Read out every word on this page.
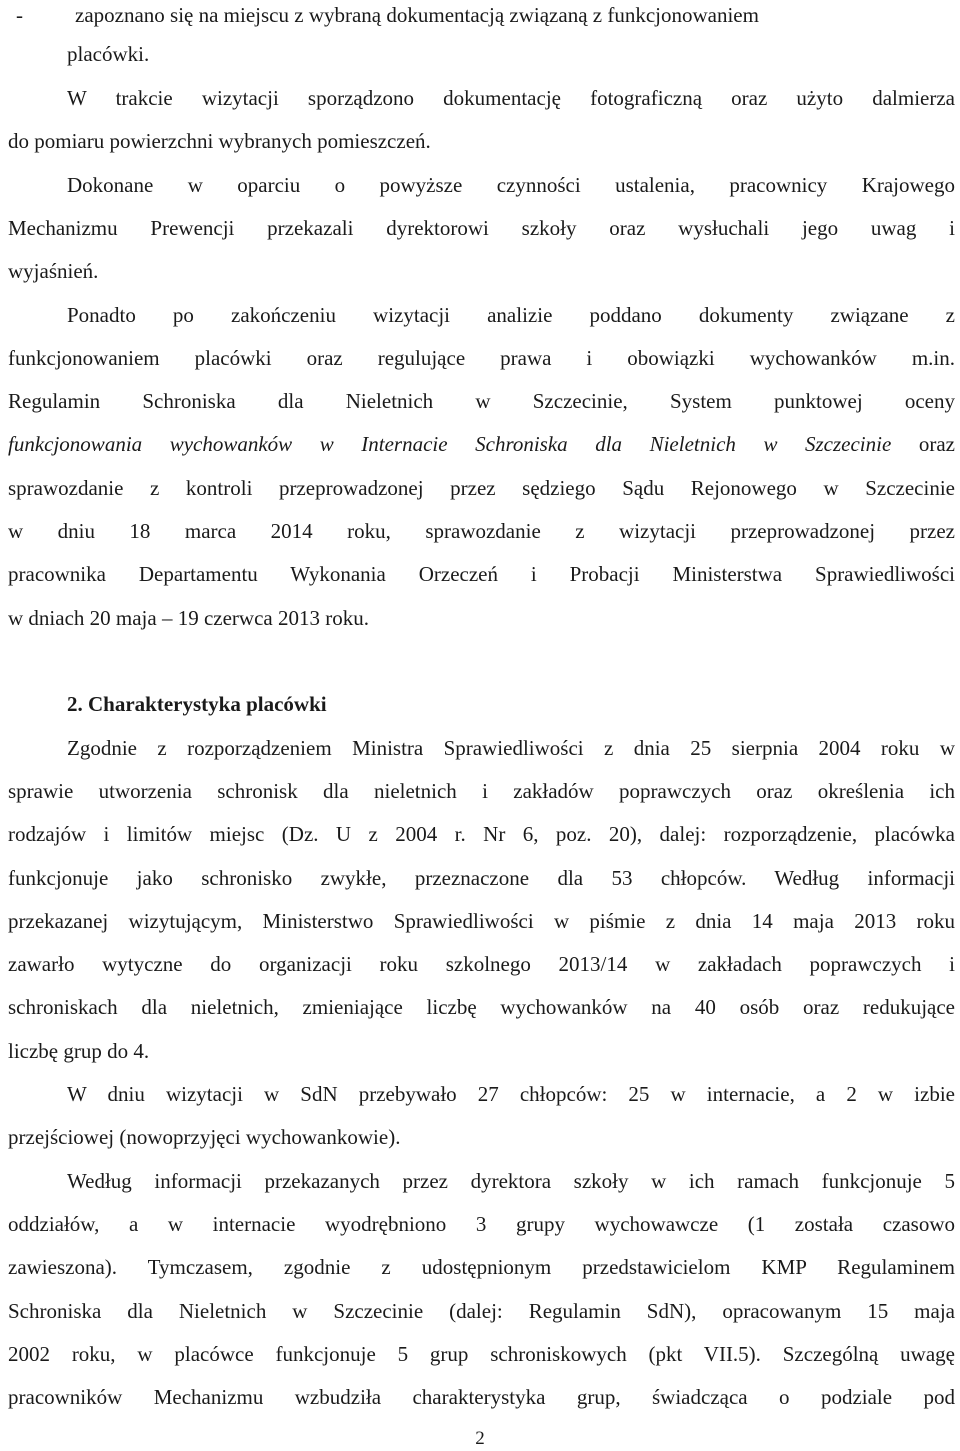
- zapoznano się na miejscu z wybraną dokumentacją związaną z funkcjonowaniem
placówki.
W trakcie wizytacji sporządzono dokumentację fotograficzną oraz użyto dalmierza
do pomiaru powierzchni wybranych pomieszczeń.
Dokonane w oparciu o powyższe czynności ustalenia, pracownicy Krajowego
Mechanizmu Prewencji przekazali dyrektorowi szkoły oraz wysłuchali jego uwag i
wyjaśnień.
Ponadto po zakończeniu wizytacji analizie poddano dokumenty związane z
funkcjonowaniem placówki oraz regulujące prawa i obowiązki wychowanków m.in.
Regulamin Schroniska dla Nieletnich w Szczecinie, System punktowej oceny
funkcjonowania wychowanków w Internacie Schroniska dla Nieletnich w Szczecinie oraz
sprawozdanie z kontroli przeprowadzonej przez sędziego Sądu Rejonowego w Szczecinie
w dniu 18 marca 2014 roku, sprawozdanie z wizytacji przeprowadzonej przez
pracownika Departamentu Wykonania Orzeczeń i Probacji Ministerstwa Sprawiedliwości
w dniach 20 maja – 19 czerwca 2013 roku.
2. Charakterystyka placówki
Zgodnie z rozporządzeniem Ministra Sprawiedliwości z dnia 25 sierpnia 2004 roku w
sprawie utworzenia schronisk dla nieletnich i zakładów poprawczych oraz określenia ich
rodzajów i limitów miejsc (Dz. U z 2004 r. Nr 6, poz. 20), dalej: rozporządzenie, placówka
funkcjonuje jako schronisko zwykłe, przeznaczone dla 53 chłopców. Według informacji
przekazanej wizytującym, Ministerstwo Sprawiedliwości w piśmie z dnia 14 maja 2013 roku
zawarło wytyczne do organizacji roku szkolnego 2013/14 w zakładach poprawczych i
schroniskach dla nieletnich, zmieniające liczbę wychowanków na 40 osób oraz redukujące
liczbę grup do 4.
W dniu wizytacji w SdN przebywało 27 chłopców: 25 w internacie, a 2 w izbie
przejściowej (nowoprzyjęci wychowankowie).
Według informacji przekazanych przez dyrektora szkoły w ich ramach funkcjonuje 5
oddziałów, a w internacie wyodrębniono 3 grupy wychowawcze (1 została czasowo
zawieszona). Tymczasem, zgodnie z udostępnionym przedstawicielom KMP Regulaminem
Schroniska dla Nieletnich w Szczecinie (dalej: Regulamin SdN), opracowanym 15 maja
2002 roku, w placówce funkcjonuje 5 grup schroniskowych (pkt VII.5). Szczególną uwagę
pracowników Mechanizmu wzbudziła charakterystyka grup, świadcząca o podziale pod
2
